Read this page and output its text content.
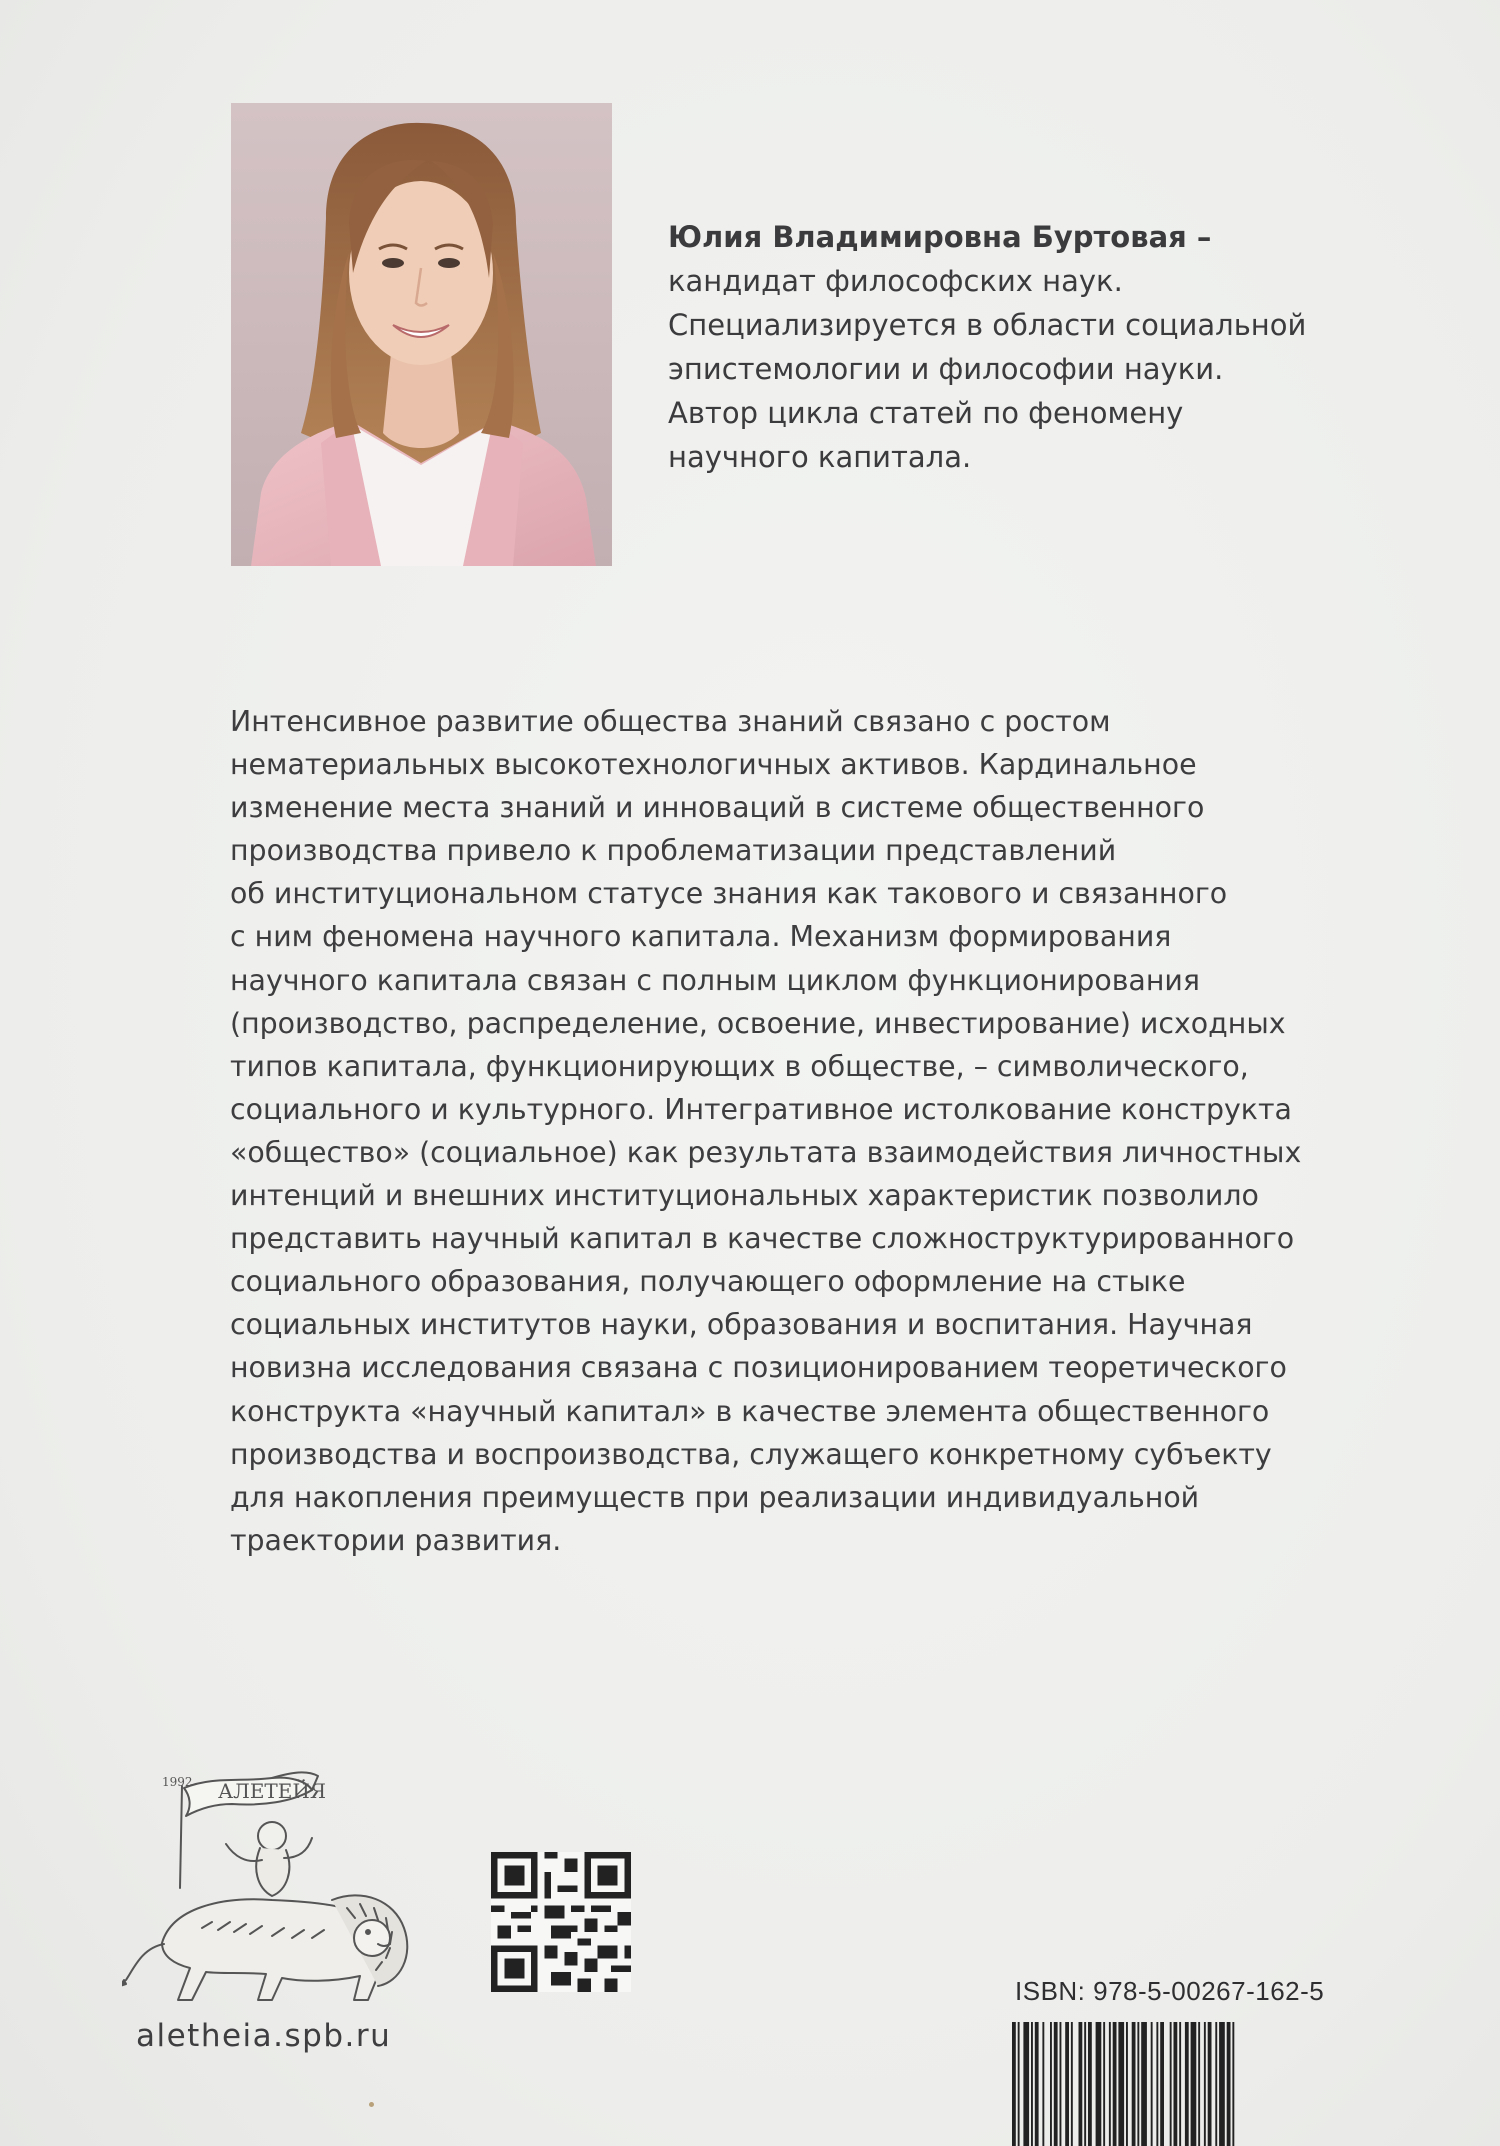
Юлия Владимировна Буртовая –
кандидат философских наук.
Специализируется в области социальной
эпистемологии и философии науки.
Автор цикла статей по феномену
научного капитала.
Интенсивное развитие общества знаний связано с ростом
нематериальных высокотехнологичных активов. Кардинальное
изменение места знаний и инноваций в системе общественного
производства привело к проблематизации представлений
об институциональном статусе знания как такового и связанного
с ним феномена научного капитала. Механизм формирования
научного капитала связан с полным циклом функционирования
(производство, распределение, освоение, инвестирование) исходных
типов капитала, функционирующих в обществе, – символического,
социального и культурного. Интегративное истолкование конструкта
«общество» (социальное) как результата взаимодействия личностных
интенций и внешних институциональных характеристик позволило
представить научный капитал в качестве сложноструктурированного
социального образования, получающего оформление на стыке
социальных институтов науки, образования и воспитания. Научная
новизна исследования связана с позиционированием теоретического
конструкта «научный капитал» в качестве элемента общественного
производства и воспроизводства, служащего конкретному субъекту
для накопления преимуществ при реализации индивидуальной
траектории развития.
АЛЕТЕЙЯ
1992
aletheia.spb.ru
ISBN: 978-5-00267-162-5
